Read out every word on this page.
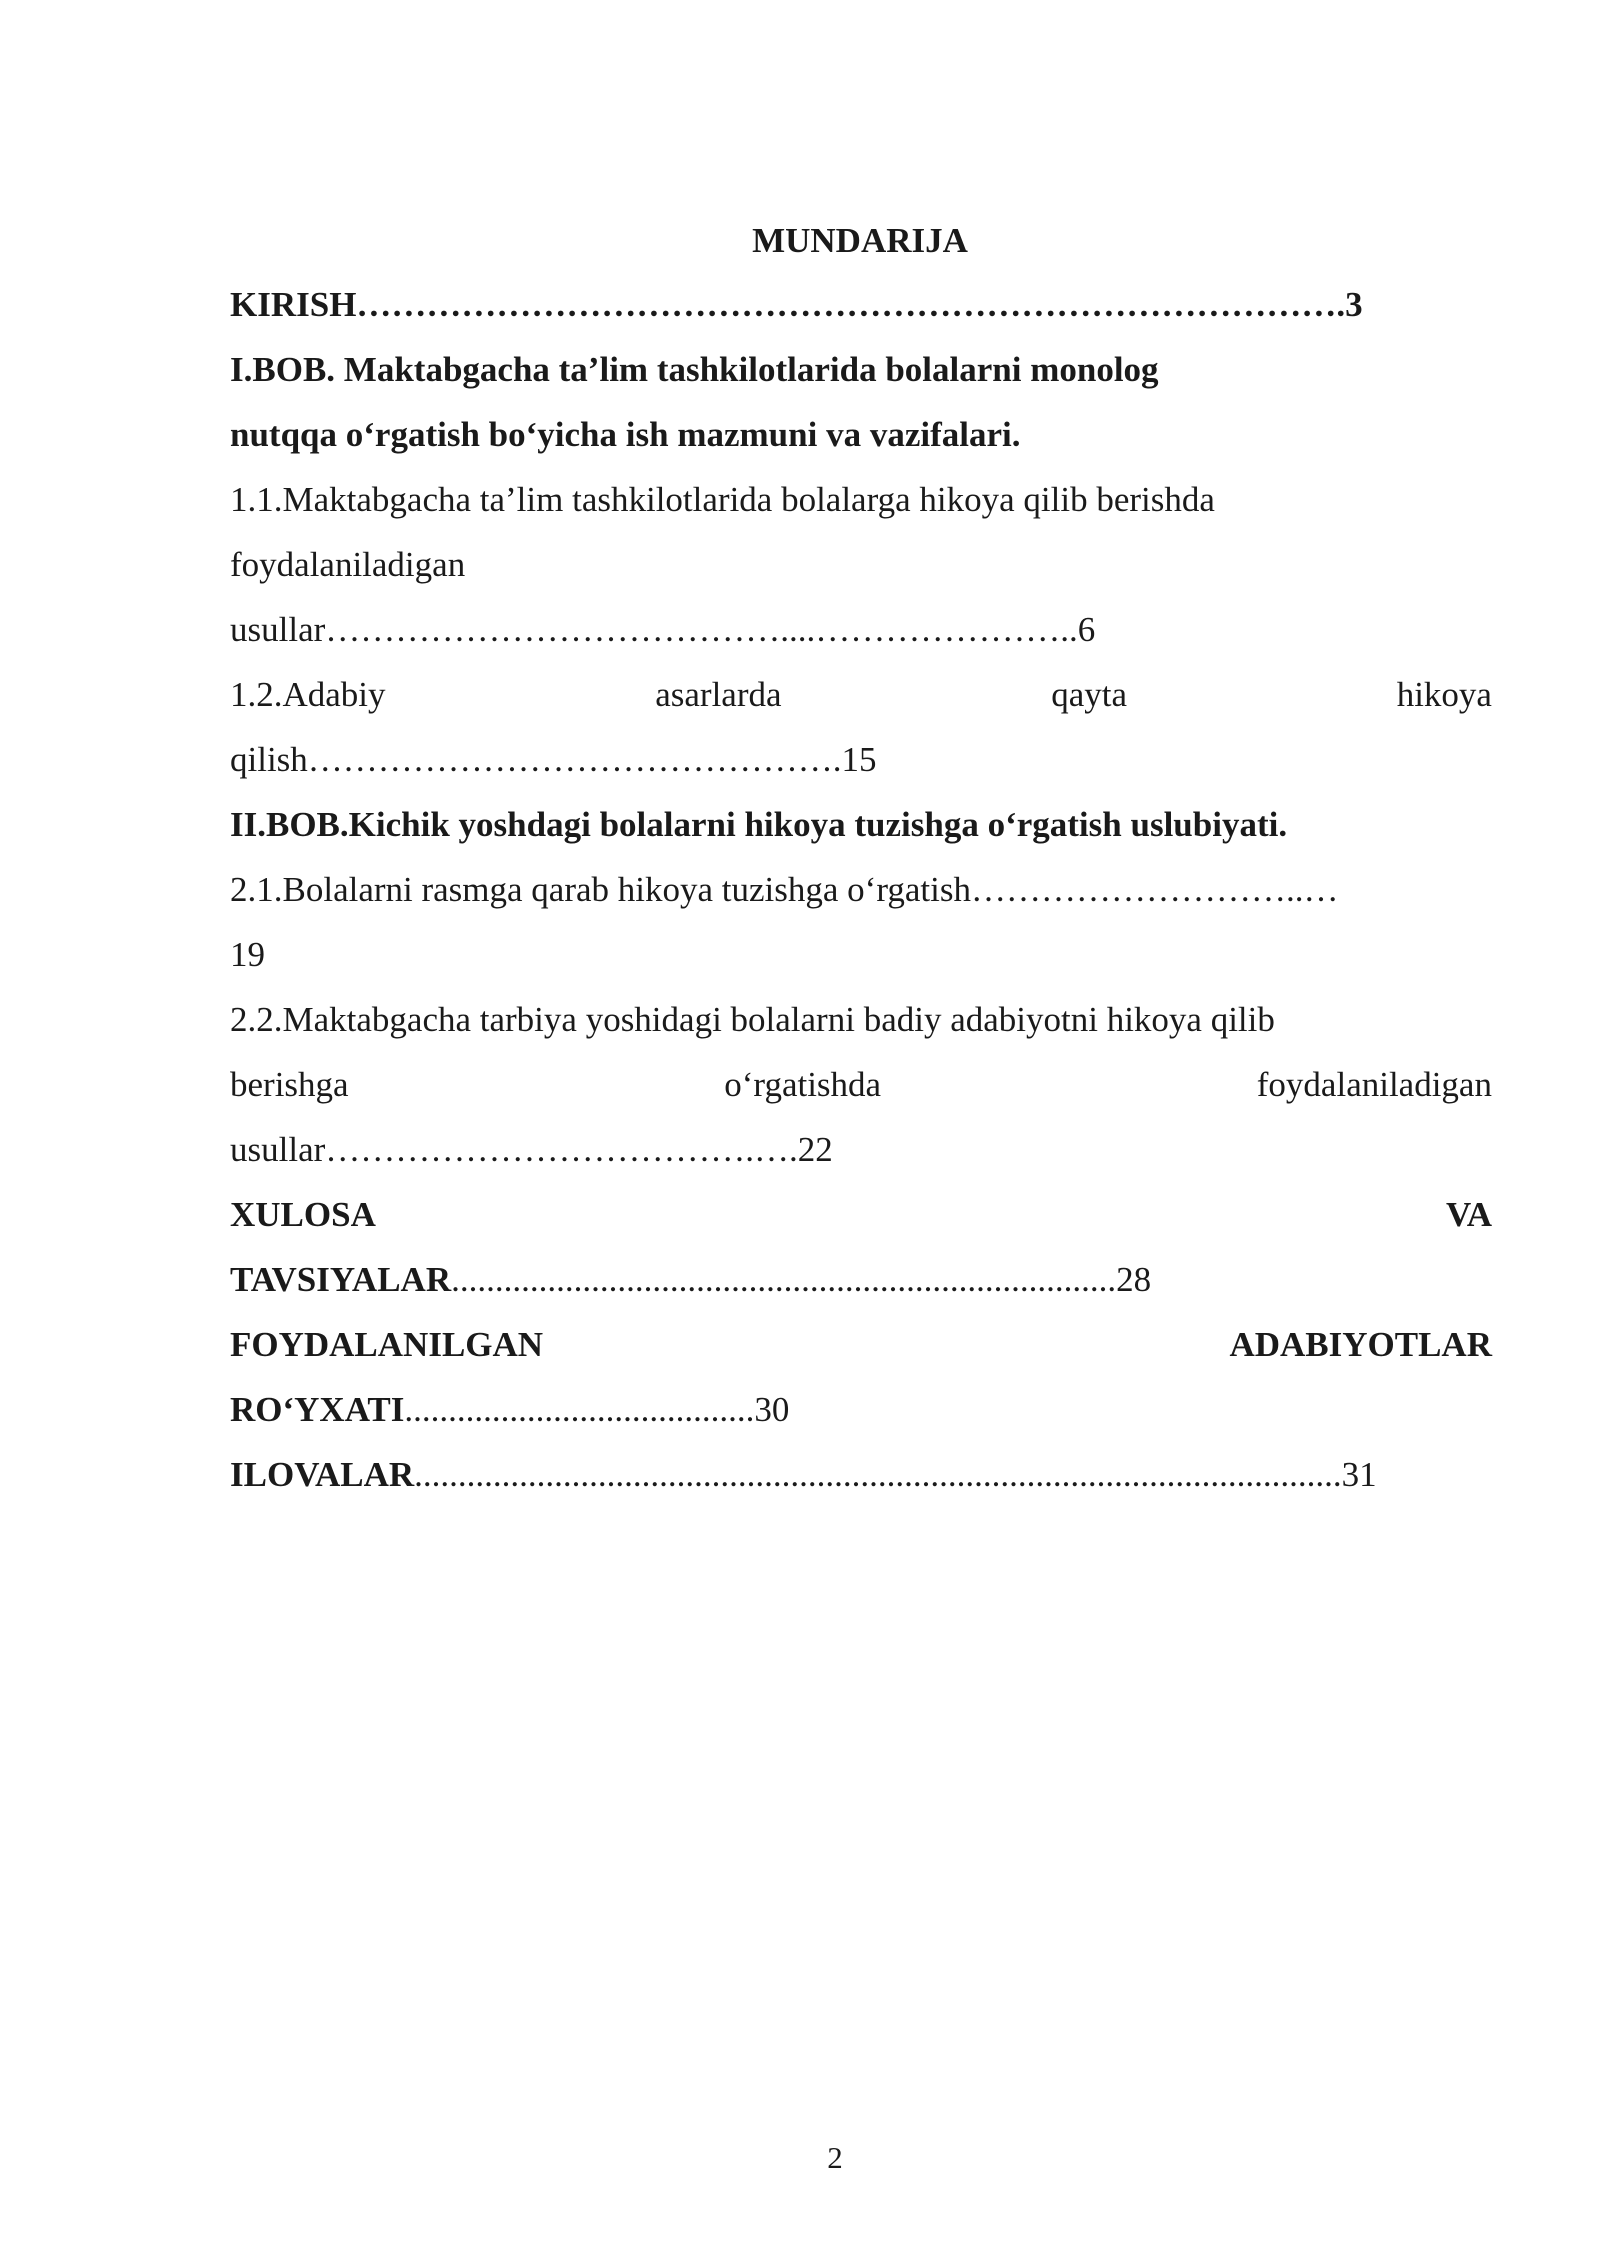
MUNDARIJA
KIRISH………………………………………………………………………….3
I.BOB. Maktabgacha ta’lim tashkilotlarida bolalarni monolog
nutqqa o‘rgatish bo‘yicha ish mazmuni va vazifalari.
1.1.Maktabgacha ta’lim tashkilotlarida bolalarga hikoya qilib berishda
foydalaniladigan
usullar…………………………………....…………………..6
1.2.Adabiy	asarlarda	qayta	hikoya
qilish……………………………………….15
II.BOB.Kichik yoshdagi bolalarni hikoya tuzishga o‘rgatish uslubiyati.
2.1.Bolalarni rasmga qarab hikoya tuzishga o‘rgatish………………………..…
19
2.2.Maktabgacha tarbiya yoshidagi bolalarni badiy adabiyotni hikoya qilib
berishga	o‘rgatishda	foydalaniladigan
usullar……………………………….….22
XULOSA	VA
TAVSIYALAR............................................................................28
FOYDALANILGAN	ADABIYOTLAR
RO‘YXATI........................................30
ILOVALAR..........................................................................................................31
2
